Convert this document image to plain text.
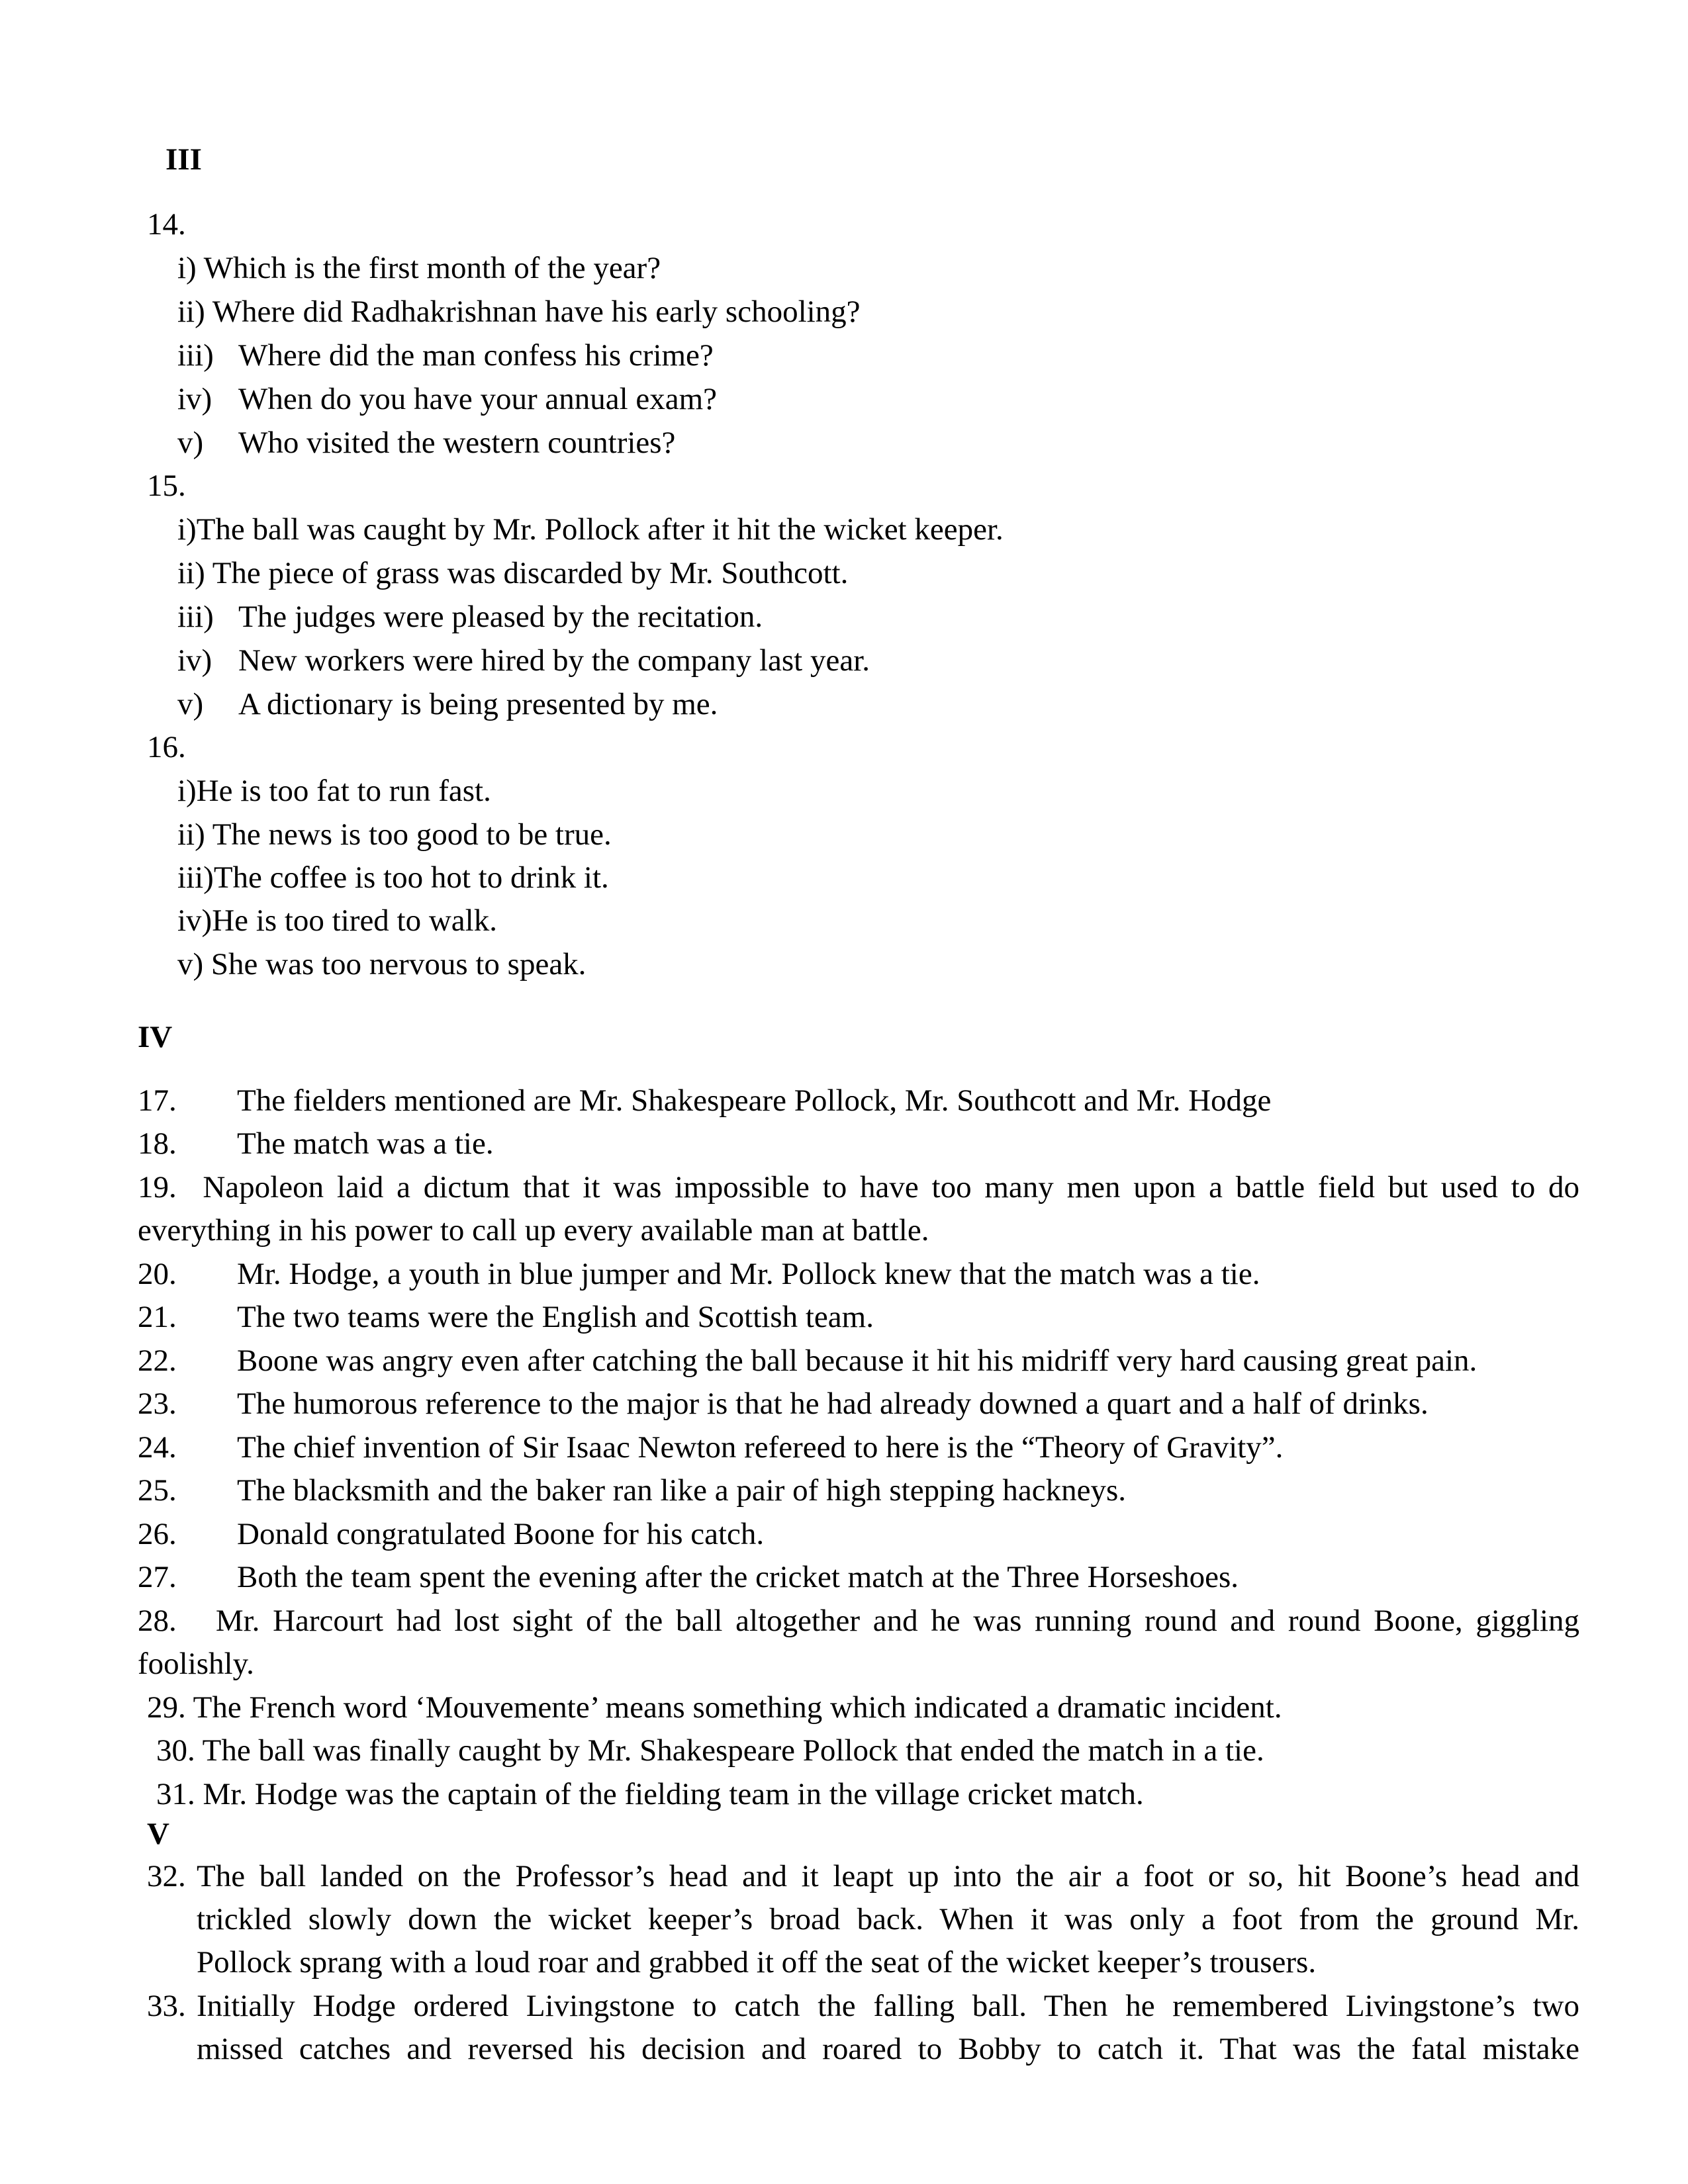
III
14.
i) Which is the first month of the year?
ii) Where did Radhakrishnan have his early schooling?
iii) Where did the man confess his crime?
iv) When do you have your annual exam?
v) Who visited the western countries?
15.
i)The ball was caught by Mr. Pollock after it hit the wicket keeper.
ii) The piece of grass was discarded by Mr. Southcott.
iii) The judges were pleased by the recitation.
iv) New workers were hired by the company last year.
v) A dictionary is being presented by me.
16.
i)He is too fat to run fast.
ii) The news is too good to be true.
iii)The coffee is too hot to drink it.
iv)He is too tired to walk.
v) She was too nervous to speak.
IV
17. The fielders mentioned are Mr. Shakespeare Pollock, Mr. Southcott and Mr. Hodge
18. The match was a tie.
19. Napoleon laid a dictum that it was impossible to have too many men upon a battle field but used to do
everything in his power to call up every available man at battle.
20. Mr. Hodge, a youth in blue jumper and Mr. Pollock knew that the match was a tie.
21. The two teams were the English and Scottish team.
22. Boone was angry even after catching the ball because it hit his midriff very hard causing great pain.
23. The humorous reference to the major is that he had already downed a quart and a half of drinks.
24. The chief invention of Sir Isaac Newton refereed to here is the “Theory of Gravity”.
25. The blacksmith and the baker ran like a pair of high stepping hackneys.
26. Donald congratulated Boone for his catch.
27. Both the team spent the evening after the cricket match at the Three Horseshoes.
28. Mr. Harcourt had lost sight of the ball altogether and he was running round and round Boone, giggling
foolishly.
29. The French word ‘Mouvemente’ means something which indicated a dramatic incident.
30. The ball was finally caught by Mr. Shakespeare Pollock that ended the match in a tie.
31. Mr. Hodge was the captain of the fielding team in the village cricket match.
V
32. The ball landed on the Professor’s head and it leapt up into the air a foot or so, hit Boone’s head and
trickled slowly down the wicket keeper’s broad back. When it was only a foot from the ground Mr.
Pollock sprang with a loud roar and grabbed it off the seat of the wicket keeper’s trousers.
33. Initially Hodge ordered Livingstone to catch the falling ball. Then he remembered Livingstone’s two
missed catches and reversed his decision and roared to Bobby to catch it. That was the fatal mistake
